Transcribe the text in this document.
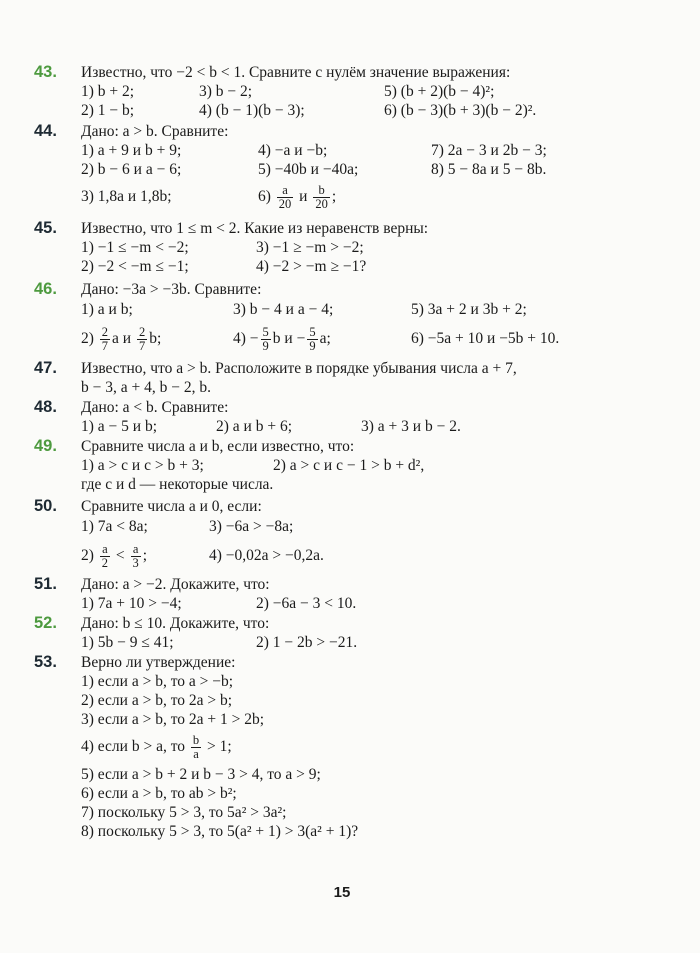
43.	Известно, что −2 < b < 1. Сравните с нулём значение выражения:
1) b + 2;	3) b − 2;	5) (b + 2)(b − 4)²;
2) 1 − b;	4) (b − 1)(b − 3);	6) (b − 3)(b + 3)(b − 2)².
44.	Дано: a > b. Сравните:
1) a + 9 и b + 9;	4) −a и −b;	7) 2a − 3 и 2b − 3;
2) b − 6 и a − 6;	5) −40b и −40a;	8) 5 − 8a и 5 − 8b.
3) 1,8a и 1,8b;	$6) \frac{a}{20}$ и $\frac{b}{20}$ ;
45.	Известно, что 1 ≤ m < 2. Какие из неравенств верны:
1) −1 ≤ −m < −2;	3) −1 ≥ −m > −2;
2) −2 < −m ≤ −1;	4) −2 > −m ≥ −1?
46.	Дано: −3a > −3b. Сравните:
1) a и b;	3) b − 4 и a − 4;	5) 3a + 2 и 3b + 2;
$2) \frac{2}{7}$ a и $\frac{2}{7} b$;	$4) - \frac{5}{9}$ b $и - \frac{5}{9} a$;	6) −5a + 10 и −5b + 10.
47.	Известно, что a > b. Расположите в порядке убывания числа a + 7,
b − 3, a + 4, b − 2, b.
48.	Дано: a < b. Сравните:
1) a − 5 и b;	2) a и b + 6;	3) a + 3 и b − 2.
49.	Сравните числа a и b, если известно, что:
1) a > c и c > b + 3;	2) a > c и c − 1 > b + d²,
где c и d — некоторые числа.
50.	Сравните числа a и 0, если:
1) 7a < 8a;	3) −6a > −8a;
$2) \frac{a}{2} < \frac{a}{3}$ ;	4) −0,02a > −0,2a.
51.	Дано: a > −2. Докажите, что:
1) 7a + 10 > −4;	2) −6a − 3 < 10.
52.	Дано: b ≤ 10. Докажите, что:
1) 5b − 9 ≤ 41;	2) 1 − 2b > −21.
53.	Верно ли утверждение:
1) если a > b, то a > −b;
2) если a > b, то 2a > b;
3) если a > b, то 2a + 1 > 2b;
4) если b > a, то $\frac{b}{a} > 1$;
5) если a > b + 2 и b − 3 > 4, то a > 9;
6) если a > b, то ab > b²;
7) поскольку 5 > 3, то 5a² > 3a²;
8) поскольку 5 > 3, то 5(a² + 1) > 3(a² + 1)?
15
